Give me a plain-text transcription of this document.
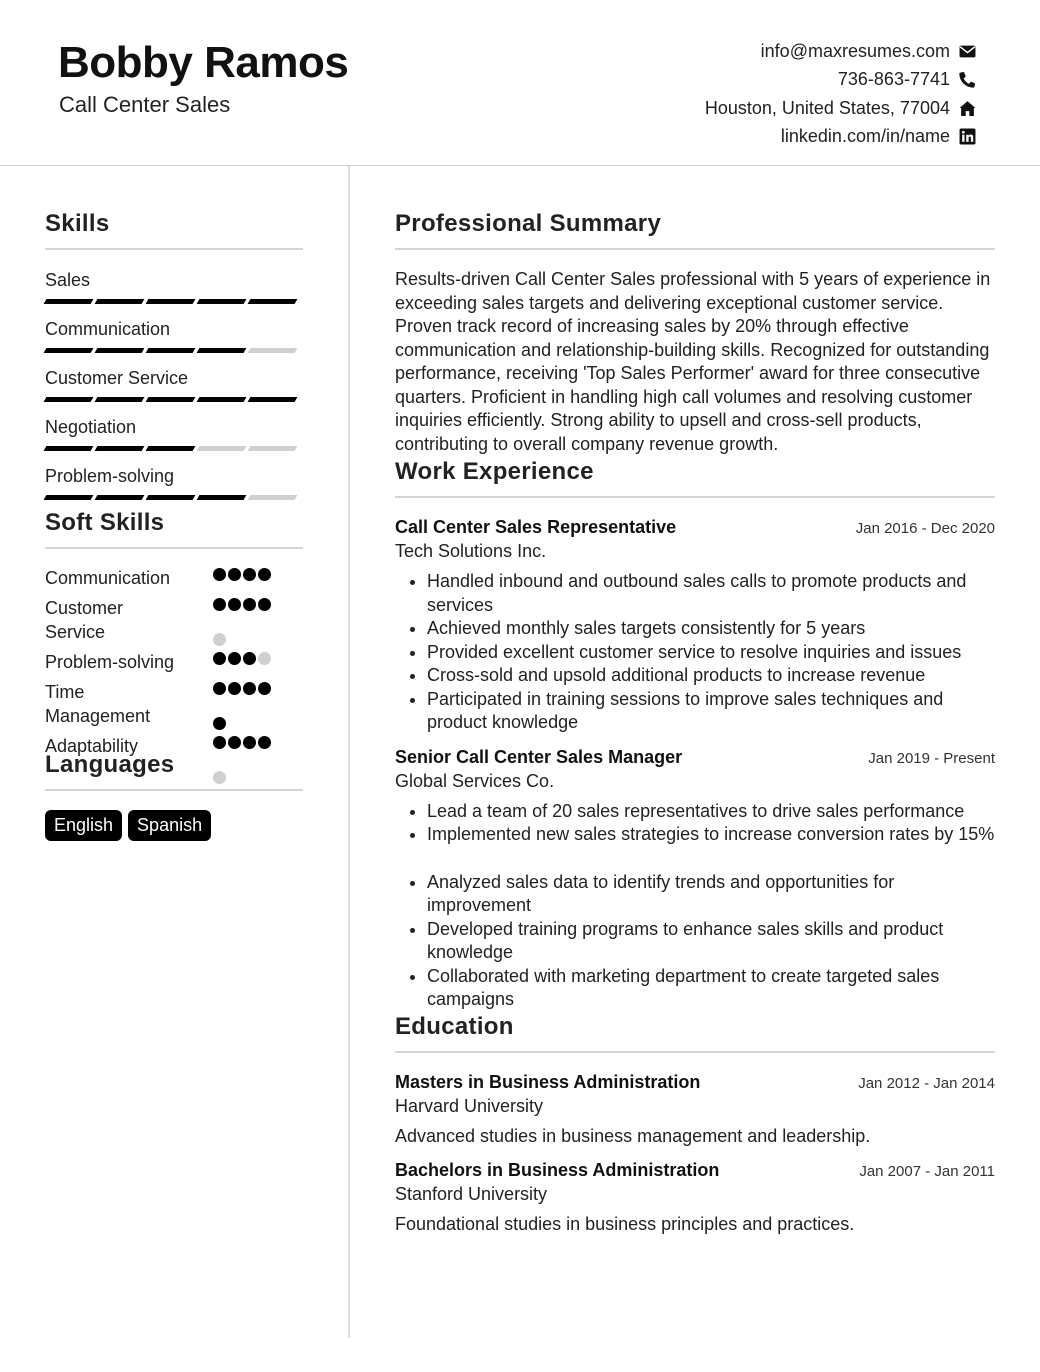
Bobby Ramos
Call Center Sales
info@maxresumes.com
736-863-7741
Houston, United States, 77004
linkedin.com/in/name
Skills
Sales
Communication
Customer Service
Negotiation
Problem-solving
Soft Skills
Communication
Customer Service
Problem-solving
Time Management
Adaptability
Languages
English	Spanish
Professional Summary
Results-driven Call Center Sales professional with 5 years of experience in exceeding sales targets and delivering exceptional customer service. Proven track record of increasing sales by 20% through effective communication and relationship-building skills. Recognized for outstanding performance, receiving 'Top Sales Performer' award for three consecutive quarters. Proficient in handling high call volumes and resolving customer inquiries efficiently. Strong ability to upsell and cross-sell products, contributing to overall company revenue growth.
Work Experience
Call Center Sales Representative	Jan 2016 - Dec 2020
Tech Solutions Inc.
• Handled inbound and outbound sales calls to promote products and services
• Achieved monthly sales targets consistently for 5 years
• Provided excellent customer service to resolve inquiries and issues
• Cross-sold and upsold additional products to increase revenue
• Participated in training sessions to improve sales techniques and product knowledge
Senior Call Center Sales Manager	Jan 2019 - Present
Global Services Co.
• Lead a team of 20 sales representatives to drive sales performance
• Implemented new sales strategies to increase conversion rates by 15%
• Analyzed sales data to identify trends and opportunities for improvement
• Developed training programs to enhance sales skills and product knowledge
• Collaborated with marketing department to create targeted sales campaigns
Education
Masters in Business Administration	Jan 2012 - Jan 2014
Harvard University
Advanced studies in business management and leadership.
Bachelors in Business Administration	Jan 2007 - Jan 2011
Stanford University
Foundational studies in business principles and practices.
